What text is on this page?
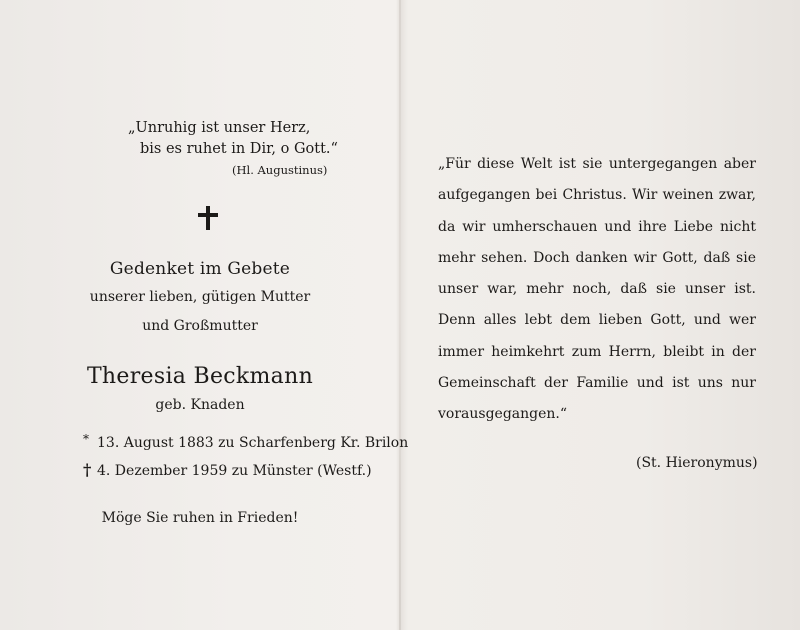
„Unruhig ist unser Herz,
bis es ruhet in Dir, o Gott.“
(Hl. Augustinus)
Gedenket im Gebete
unserer lieben, gütigen Mutter
und Großmutter
Theresia Beckmann
geb. Knaden
* 13. August 1883 zu Scharfenberg Kr. Brilon
† 4. Dezember 1959 zu Münster (Westf.)
Möge Sie ruhen in Frieden!
„Für diese Welt ist sie untergegangen aber
aufgegangen bei Christus. Wir weinen zwar,
da wir umherschauen und ihre Liebe nicht
mehr sehen. Doch danken wir Gott, daß sie
unser war, mehr noch, daß sie unser ist.
Denn alles lebt dem lieben Gott, und wer
immer heimkehrt zum Herrn, bleibt in der
Gemeinschaft der Familie und ist uns nur
vorausgegangen.“
(St. Hieronymus)
